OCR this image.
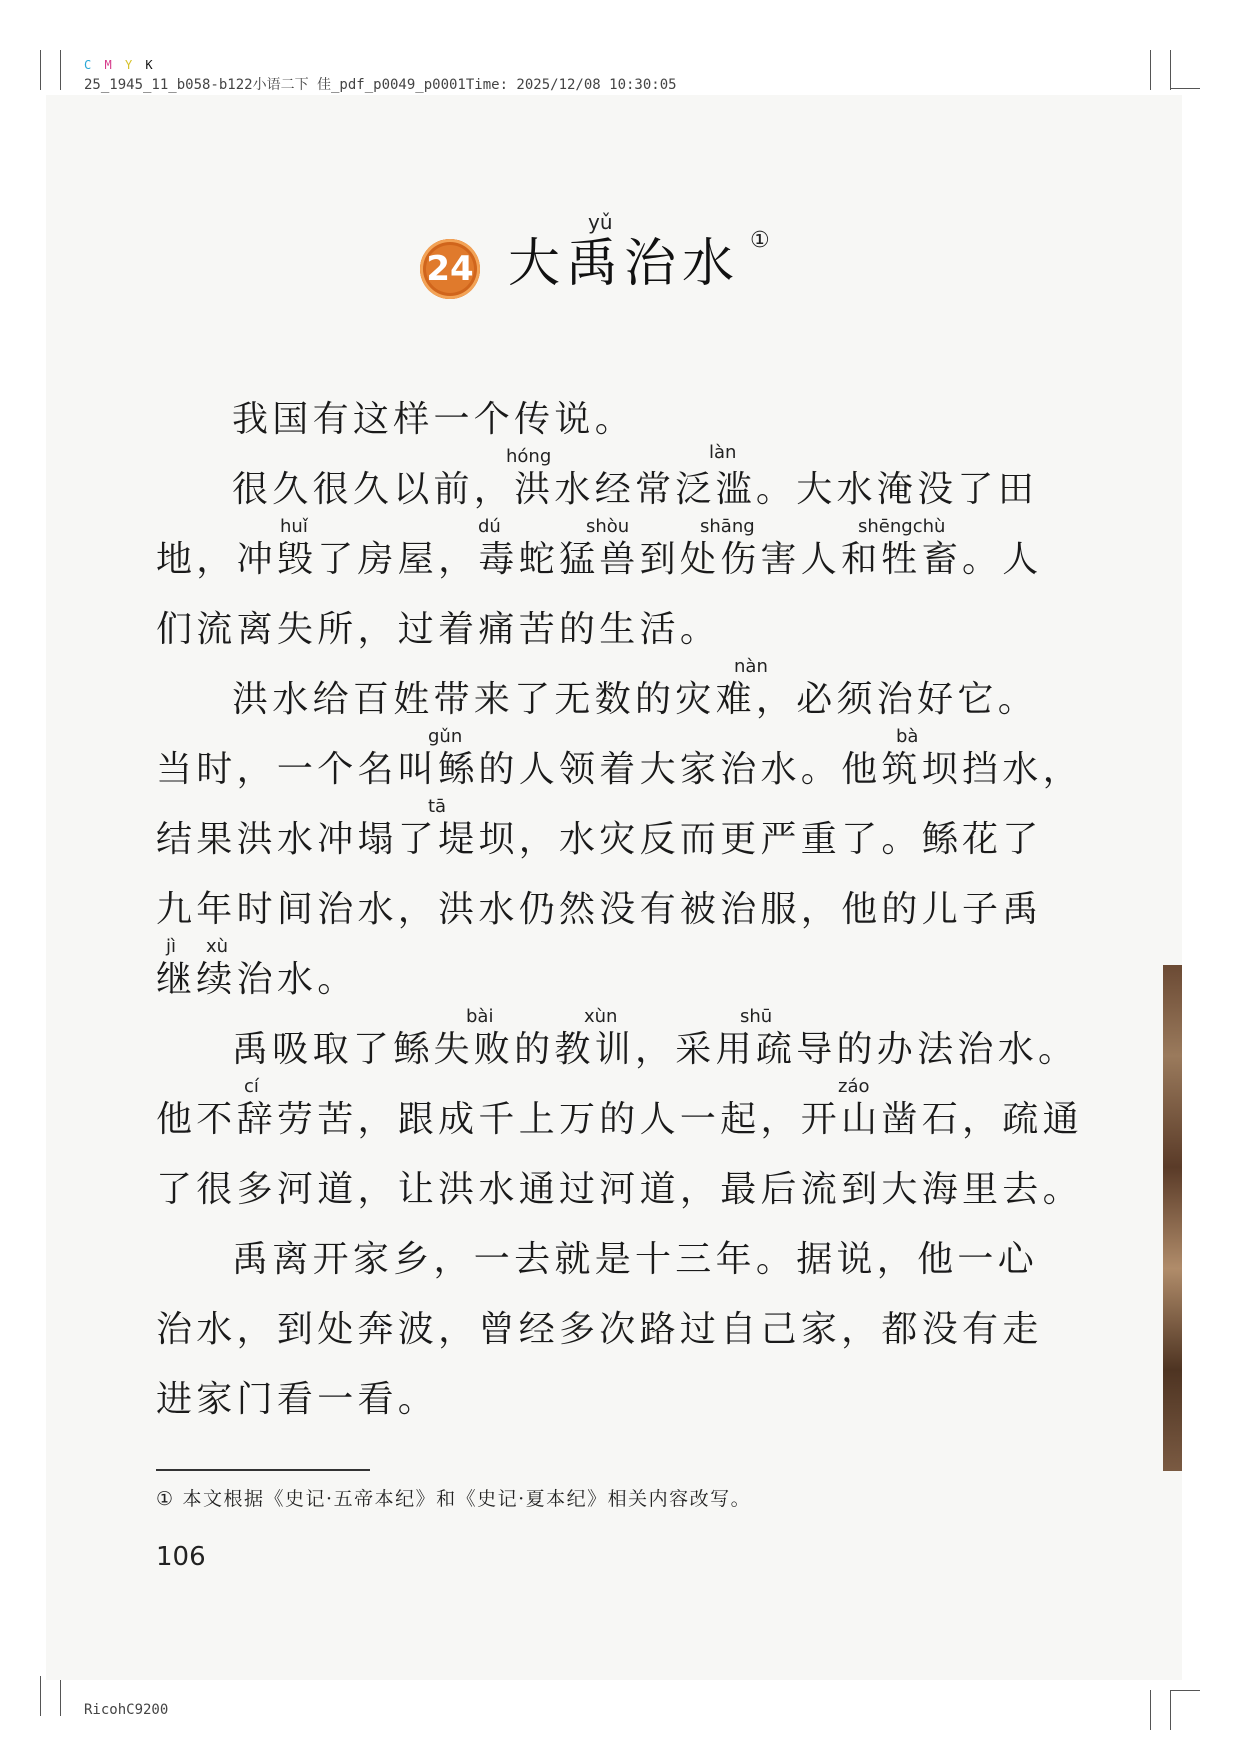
C M Y K
25_1945_11_b058-b122小语二下 佳_pdf_p0049_p0001Time: 2025/12/08 10:30:05
24 大禹治水
yǔ
①
我国有这样一个传说。
hóng	làn
很久很久以前，洪水经常泛滥。大水淹没了田
huǐ	dú	shòu	shāng	shēngchù
地，冲毁了房屋，毒蛇猛兽到处伤害人和牲畜。人
们流离失所，过着痛苦的生活。
nàn
洪水给百姓带来了无数的灾难，必须治好它。
gǔn	bà
当时，一个名叫鲧的人领着大家治水。他筑坝挡水，
tā
结果洪水冲塌了堤坝，水灾反而更严重了。鲧花了
九年时间治水，洪水仍然没有被治服，他的儿子禹
jì xù
继续治水。
bài	xùn	shū
禹吸取了鲧失败的教训，采用疏导的办法治水。
cí	záo
他不辞劳苦，跟成千上万的人一起，开山凿石，疏通
了很多河道，让洪水通过河道，最后流到大海里去。
禹离开家乡，一去就是十三年。据说，他一心
治水，到处奔波，曾经多次路过自己家，都没有走
进家门看一看。
① 本文根据《史记·五帝本纪》和《史记·夏本纪》相关内容改写。
106
RicohC9200
